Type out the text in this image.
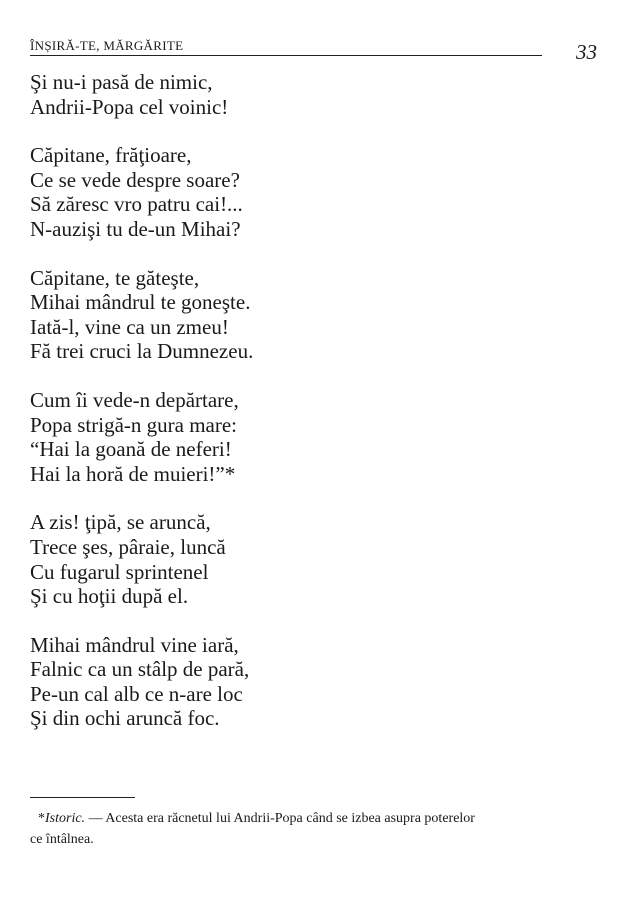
ÎNȘIRĂ-TE, MĂRGĂRITE	33
Şi nu-i pasă de nimic,
Andrii-Popa cel voinic!
Căpitane, frăţioare,
Ce se vede despre soare?
Să zăresc vro patru cai!...
N-auzişi tu de-un Mihai?
Căpitane, te găteşte,
Mihai mândrul te goneşte.
Iată-l, vine ca un zmeu!
Fă trei cruci la Dumnezeu.
Cum îi vede-n depărtare,
Popa strigă-n gura mare:
“Hai la goană de neferi!
Hai la horă de muieri!”*
A zis! ţipă, se aruncă,
Trece şes, pâraie, luncă
Cu fugarul sprintenel
Şi cu hoţii după el.
Mihai mândrul vine iară,
Falnic ca un stâlp de pară,
Pe-un cal alb ce n-are loc
Şi din ochi aruncă foc.
*Istoric. — Acesta era răcnetul lui Andrii-Popa când se izbea asupra poterelor
ce întâlnea.
